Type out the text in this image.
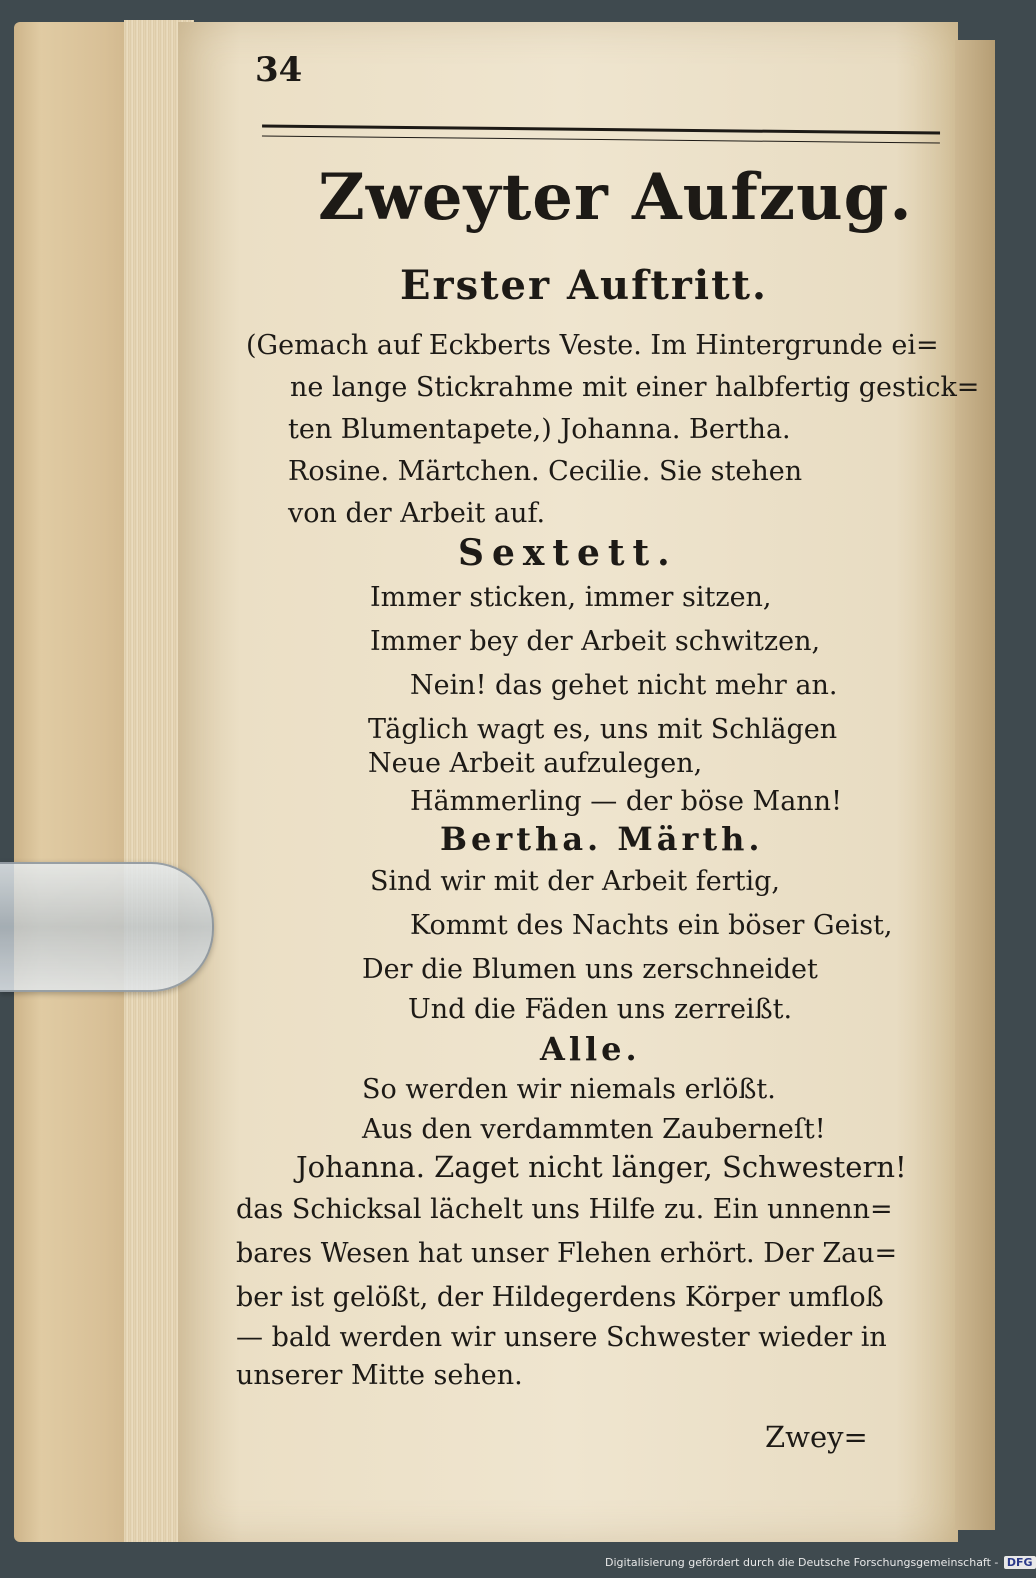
34
Zweyter Aufzug.
Erster Auftritt.
(Gemach auf Eckberts Veste. Im Hintergrunde ei=
ne lange Stickrahme mit einer halbfertig gestick=
ten Blumentapete,) Johanna. Bertha.
Rosine. Märtchen. Cecilie. Sie stehen
von der Arbeit auf.
Sextett.
Immer sticken, immer sitzen,
Immer bey der Arbeit schwitzen,
Nein! das gehet nicht mehr an.
Täglich wagt es, uns mit Schlägen
Neue Arbeit aufzulegen,
Hämmerling — der böse Mann!
Bertha. Märth.
Sind wir mit der Arbeit fertig,
Kommt des Nachts ein böser Geist,
Der die Blumen uns zerschneidet
Und die Fäden uns zerreißt.
Alle.
So werden wir niemals erlößt.
Aus den verdammten Zauberneſt!
Johanna. Zaget nicht länger, Schwestern!
das Schicksal lächelt uns Hilfe zu. Ein unnenn=
bares Wesen hat unser Flehen erhört. Der Zau=
ber ist gelößt, der Hildegerdens Körper umfloß
— bald werden wir unsere Schwester wieder in
unserer Mitte sehen.
Zwey=
Digitalisierung gefördert durch die Deutsche Forschungsgemeinschaft - DFG
